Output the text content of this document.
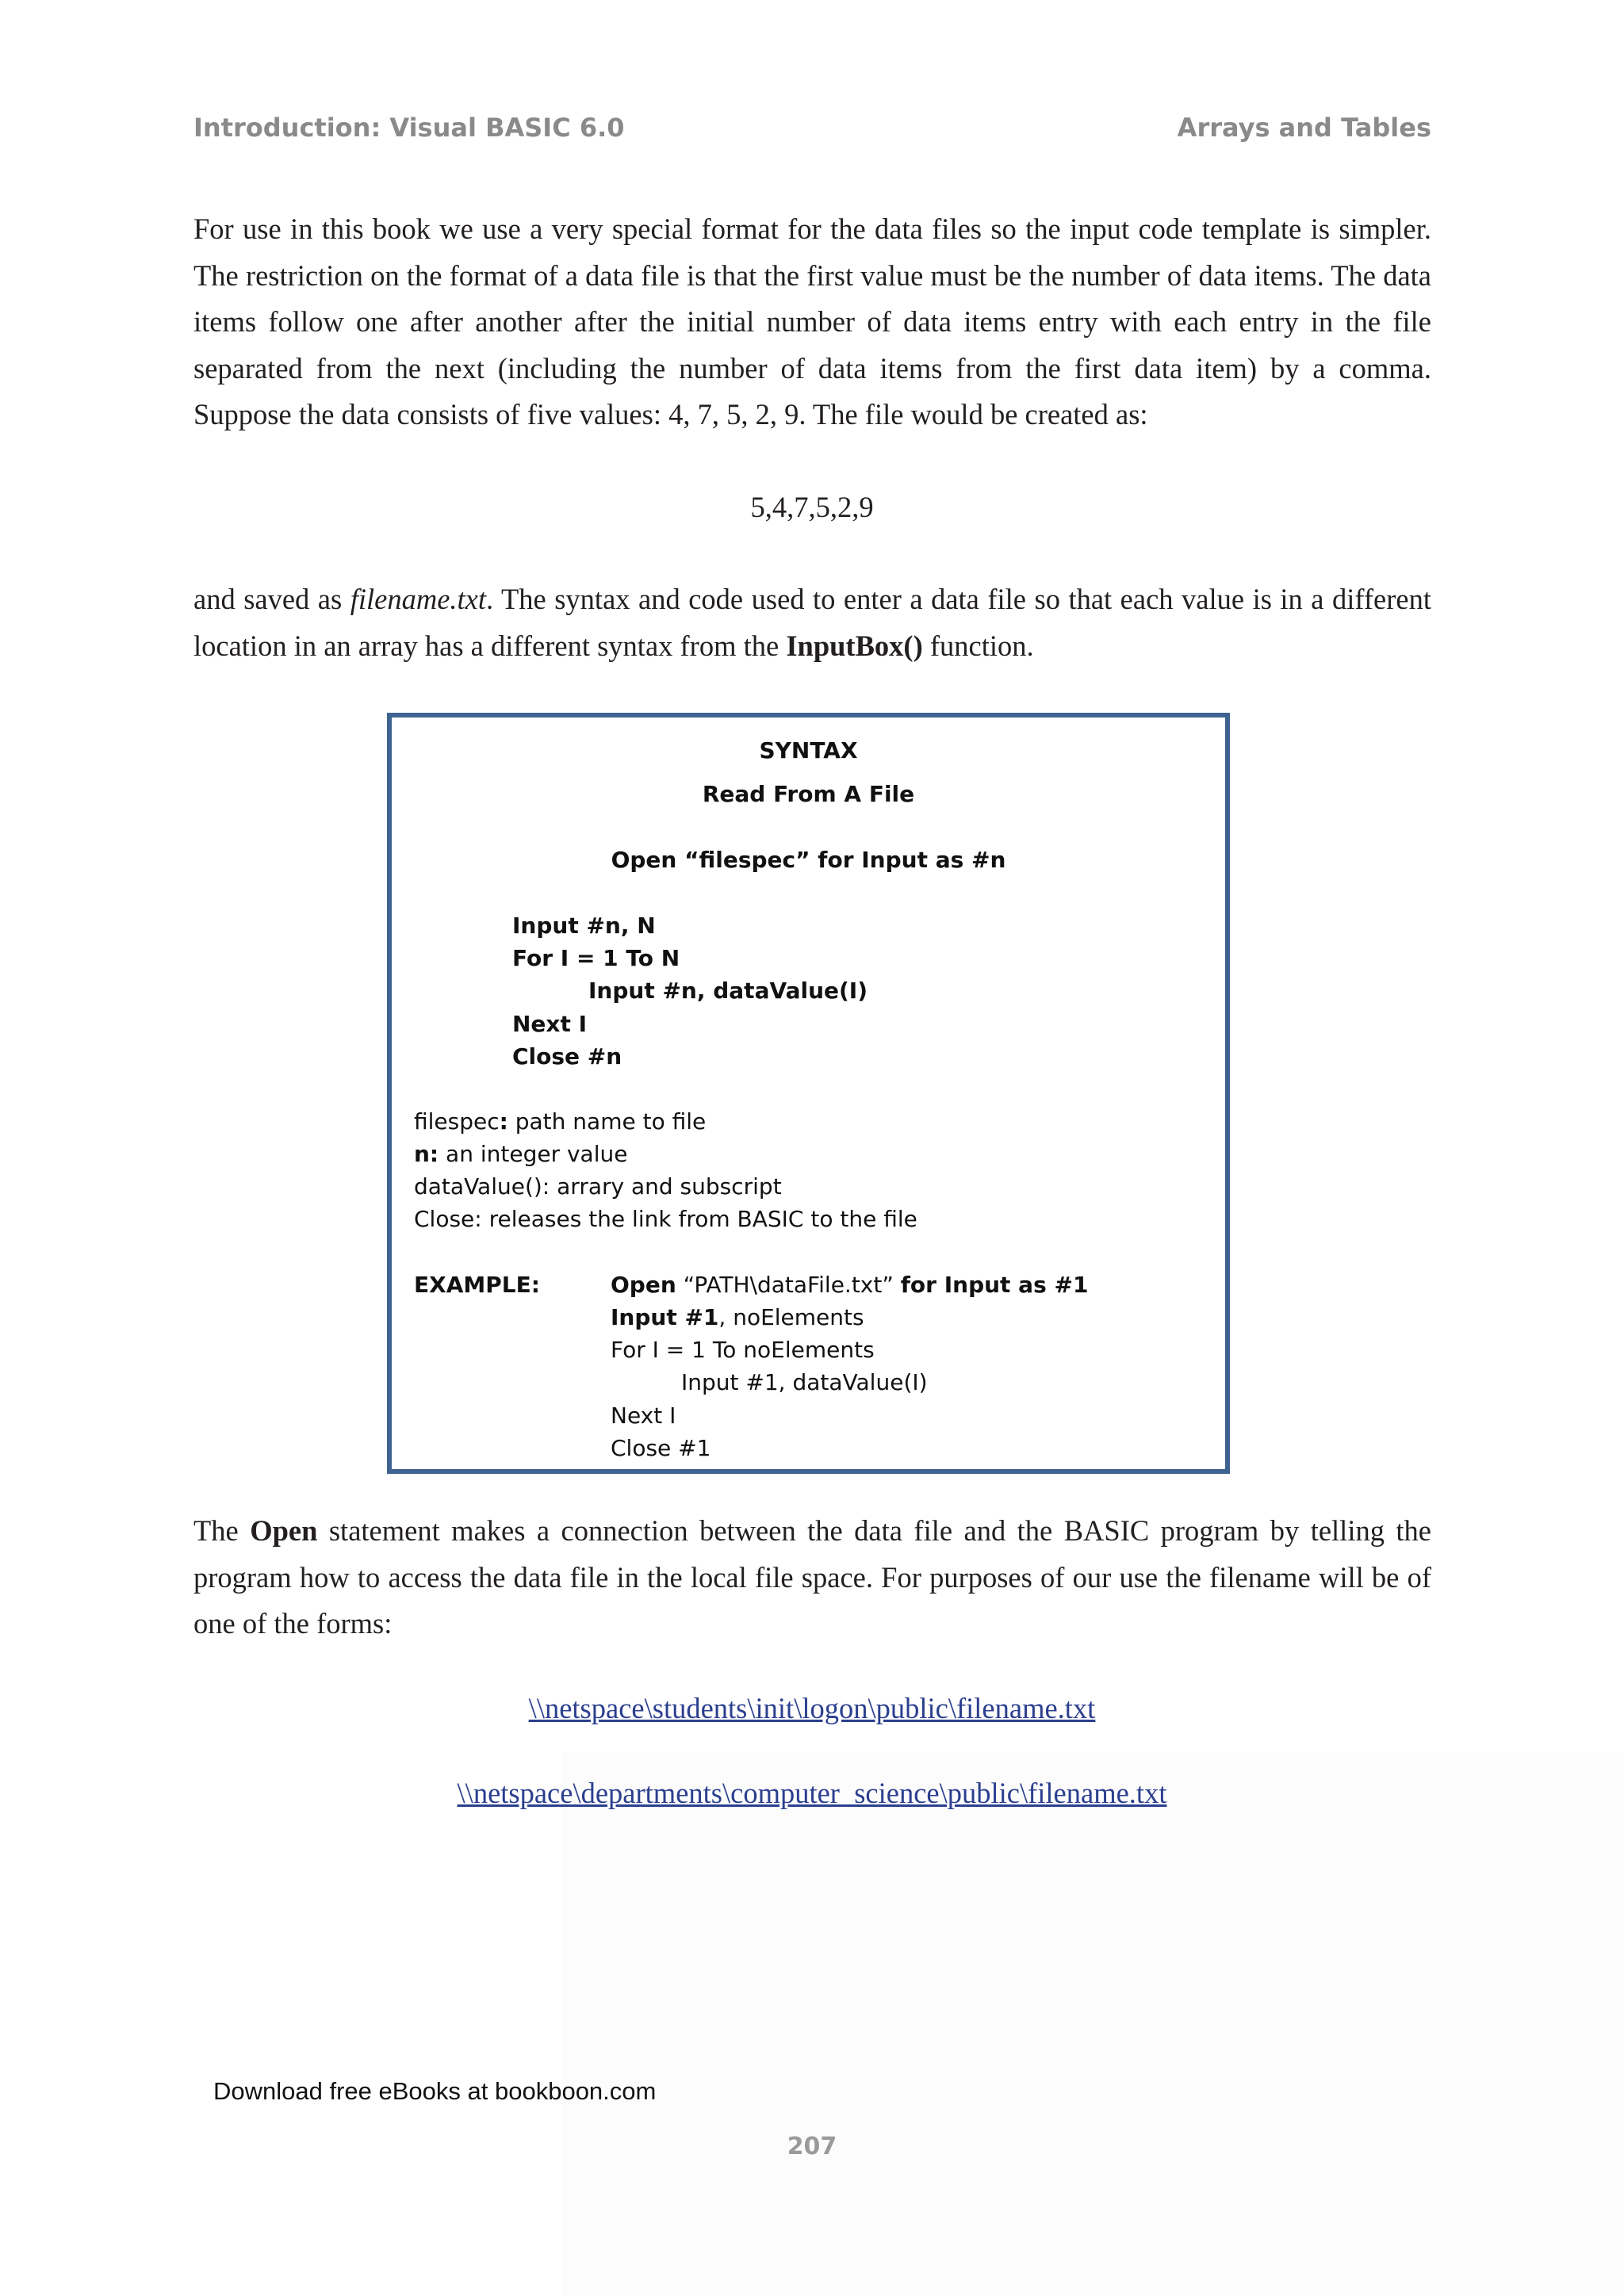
Introduction: Visual BASIC 6.0	Arrays and Tables

For use in this book we use a very special format for the data files so the input code template is simpler. The restriction on the format of a data file is that the first value must be the number of data items. The data items follow one after another after the initial number of data items entry with each entry in the file separated from the next (including the number of data items from the first data item) by a comma. Suppose the data consists of five values: 4, 7, 5, 2, 9. The file would be created as:

5,4,7,5,2,9

and saved as filename.txt. The syntax and code used to enter a data file so that each value is in a different location in an array has a different syntax from the InputBox() function.

SYNTAX
Read From A File
Open “filespec” for Input as #n
Input #n, N
For I = 1 To N
Input #n, dataValue(I)
Next I
Close #n
filespec: path name to file
n: an integer value
dataValue(): arrary and subscript
Close: releases the link from BASIC to the file
EXAMPLE:	Open “PATH\dataFile.txt” for Input as #1
Input #1, noElements
For I = 1 To noElements
Input #1, dataValue(I)
Next I
Close #1

The Open statement makes a connection between the data file and the BASIC program by telling the program how to access the data file in the local file space. For purposes of our use the filename will be of one of the forms:

\\netspace\students\init\logon\public\filename.txt
\\netspace\departments\computer_science\public\filename.txt
Download free eBooks at bookboon.com
207
